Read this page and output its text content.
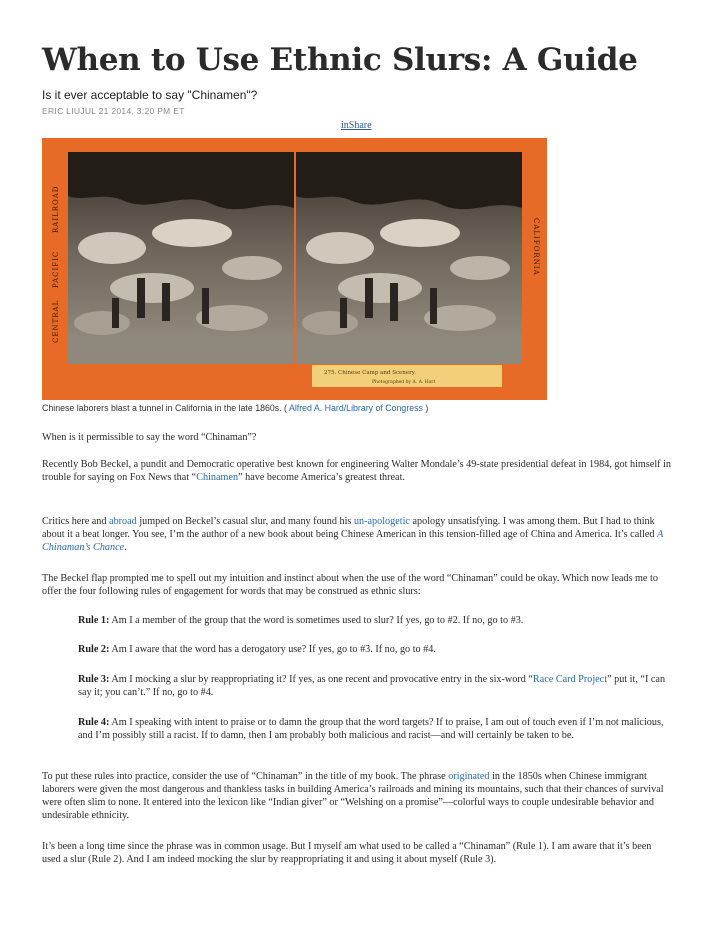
When to Use Ethnic Slurs: A Guide
Is it ever acceptable to say "Chinamen"?
ERIC LIUJUL 21 2014, 3:20 PM ET
inShare
CENTRAL
PACIFIC
RAILROAD
CALIFORNIA
275. Chinese Camp and Scenery.
Photographed by A. A. Hart
Chinese laborers blast a tunnel in California in the late 1860s. ( Alfred A. Hard/Library of Congress )

When is it permissible to say the word “Chinaman”?

Recently Bob Beckel, a pundit and Democratic operative best known for engineering Walter Mondale’s 49-state presidential defeat in 1984, got himself in trouble for saying on Fox News that “Chinamen” have become America’s greatest threat.

Critics here and abroad jumped on Beckel’s casual slur, and many found his un-apologetic apology unsatisfying. I was among them. But I had to think about it a beat longer. You see, I’m the author of a new book about being Chinese American in this tension-filled age of China and America. It’s called A Chinaman’s Chance.

The Beckel flap prompted me to spell out my intuition and instinct about when the use of the word “Chinaman” could be okay. Which now leads me to offer the four following rules of engagement for words that may be construed as ethnic slurs:

Rule 1: Am I a member of the group that the word is sometimes used to slur? If yes, go to #2. If no, go to #3.

Rule 2: Am I aware that the word has a derogatory use? If yes, go to #3. If no, go to #4.

Rule 3: Am I mocking a slur by reappropriating it? If yes, as one recent and provocative entry in the six-word “Race Card Project” put it, “I can say it; you can’t.” If no, go to #4.

Rule 4: Am I speaking with intent to praise or to damn the group that the word targets? If to praise, I am out of touch even if I’m not malicious, and I’m possibly still a racist. If to damn, then I am probably both malicious and racist—and will certainly be taken to be.

To put these rules into practice, consider the use of “Chinaman” in the title of my book. The phrase originated in the 1850s when Chinese immigrant laborers were given the most dangerous and thankless tasks in building America’s railroads and mining its mountains, such that their chances of survival were often slim to none. It entered into the lexicon like “Indian giver” or “Welshing on a promise”—colorful ways to couple undesirable behavior and undesirable ethnicity.

It’s been a long time since the phrase was in common usage. But I myself am what used to be called a “Chinaman” (Rule 1). I am aware that it’s been used a slur (Rule 2). And I am indeed mocking the slur by reappropriating it and using it about myself (Rule 3).
